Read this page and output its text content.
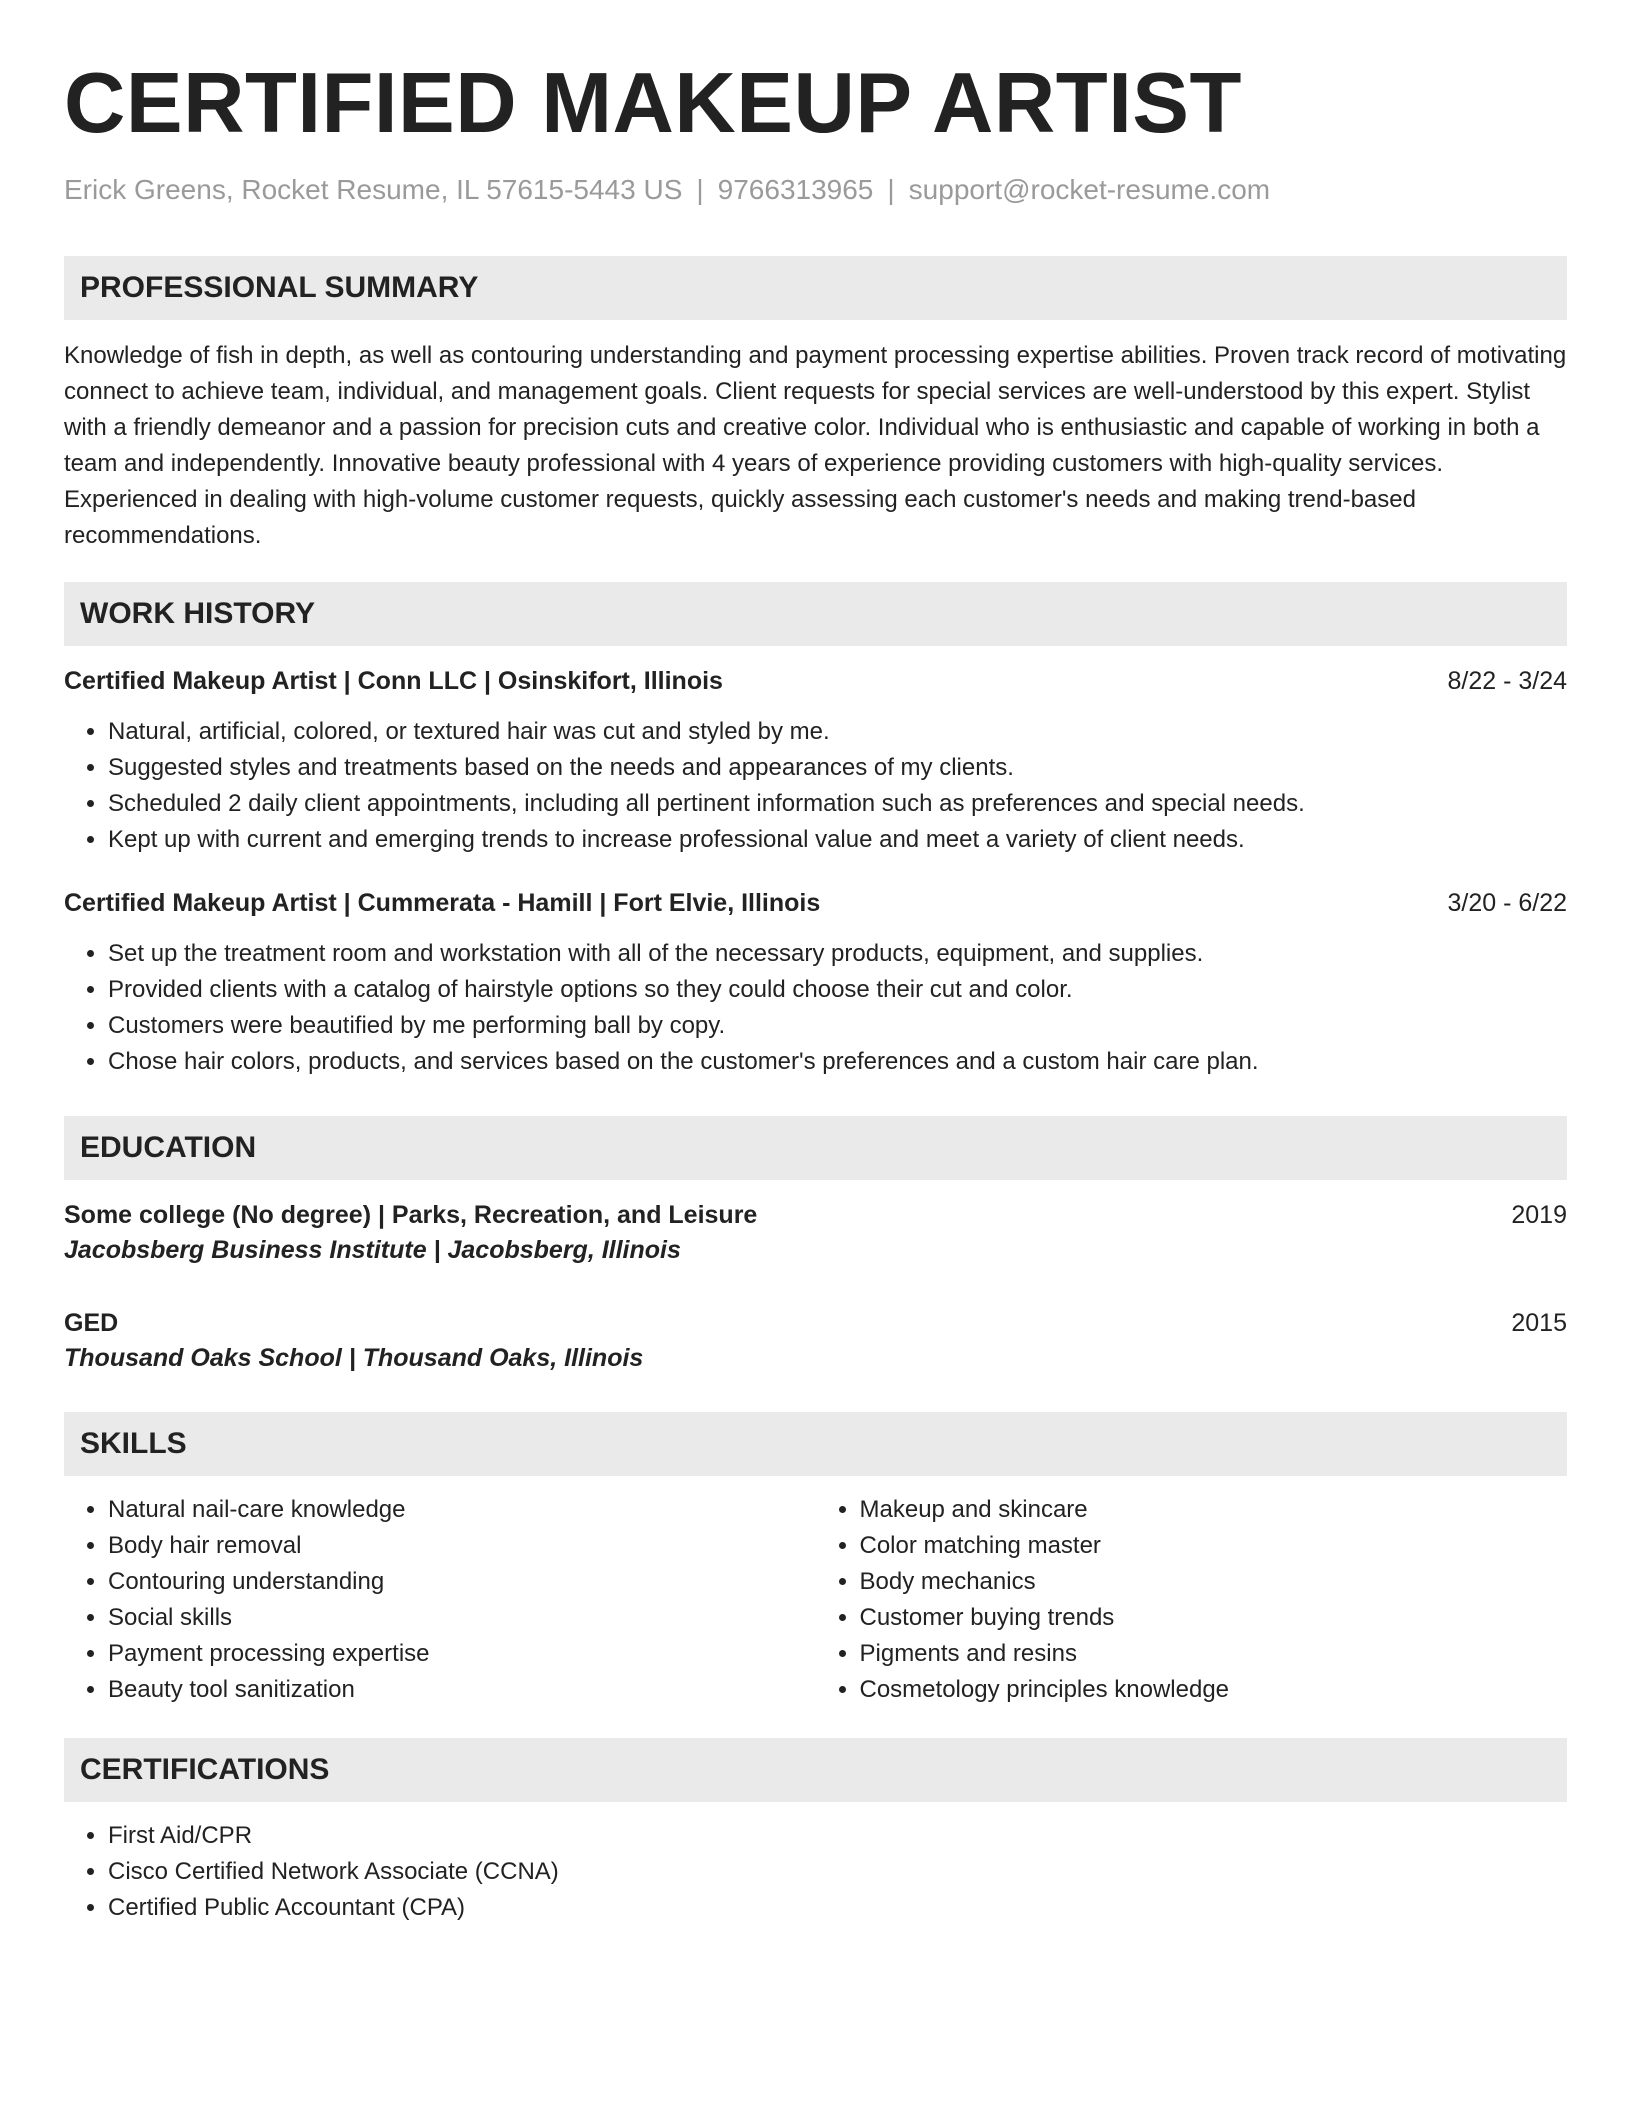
CERTIFIED MAKEUP ARTIST
Erick Greens, Rocket Resume, IL 57615-5443 US | 9766313965 | support@rocket-resume.com
PROFESSIONAL SUMMARY
Knowledge of fish in depth, as well as contouring understanding and payment processing expertise abilities. Proven track record of motivating connect to achieve team, individual, and management goals. Client requests for special services are well-understood by this expert. Stylist with a friendly demeanor and a passion for precision cuts and creative color. Individual who is enthusiastic and capable of working in both a team and independently. Innovative beauty professional with 4 years of experience providing customers with high-quality services. Experienced in dealing with high-volume customer requests, quickly assessing each customer's needs and making trend-based recommendations.
WORK HISTORY
Certified Makeup Artist | Conn LLC | Osinskifort, Illinois	8/22 - 3/24
• Natural, artificial, colored, or textured hair was cut and styled by me.
• Suggested styles and treatments based on the needs and appearances of my clients.
• Scheduled 2 daily client appointments, including all pertinent information such as preferences and special needs.
• Kept up with current and emerging trends to increase professional value and meet a variety of client needs.
Certified Makeup Artist | Cummerata - Hamill | Fort Elvie, Illinois	3/20 - 6/22
• Set up the treatment room and workstation with all of the necessary products, equipment, and supplies.
• Provided clients with a catalog of hairstyle options so they could choose their cut and color.
• Customers were beautified by me performing ball by copy.
• Chose hair colors, products, and services based on the customer's preferences and a custom hair care plan.
EDUCATION
Some college (No degree) | Parks, Recreation, and Leisure	2019
Jacobsberg Business Institute | Jacobsberg, Illinois
GED	2015
Thousand Oaks School | Thousand Oaks, Illinois
SKILLS
• Natural nail-care knowledge
• Body hair removal
• Contouring understanding
• Social skills
• Payment processing expertise
• Beauty tool sanitization
• Makeup and skincare
• Color matching master
• Body mechanics
• Customer buying trends
• Pigments and resins
• Cosmetology principles knowledge
CERTIFICATIONS
• First Aid/CPR
• Cisco Certified Network Associate (CCNA)
• Certified Public Accountant (CPA)
